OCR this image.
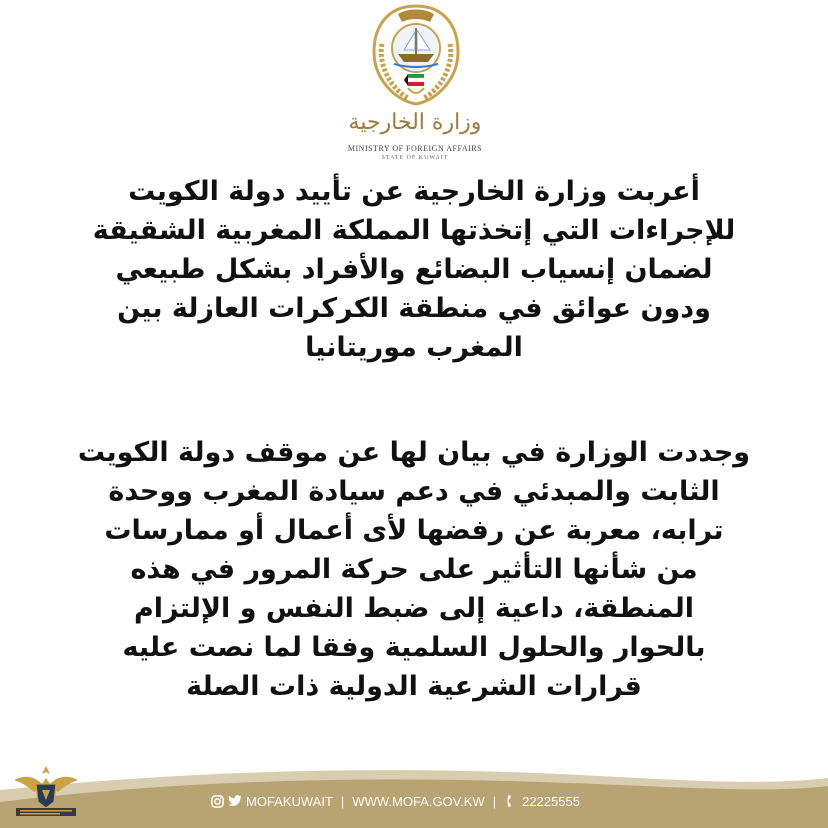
وزارة الخارجية
MINISTRY OF FOREIGN AFFAIRS
STATE OF KUWAIT
أعربت وزارة الخارجية عن تأييد دولة الكويت
للإجراءات التي إتخذتها المملكة المغربية الشقيقة
لضمان إنسياب البضائع والأفراد بشكل طبيعي
ودون عوائق في منطقة الكركرات العازلة بين
المغرب موريتانيا
وجددت الوزارة في بيان لها عن موقف دولة الكويت
الثابت والمبدئي في دعم سيادة المغرب ووحدة
ترابه، معربة عن رفضها لأى أعمال أو ممارسات
من شأنها التأثير على حركة المرور في هذه
المنطقة، داعية إلى ضبط النفس و الإلتزام
بالحوار والحلول السلمية وفقا لما نصت عليه
قرارات الشرعية الدولية ذات الصلة
MOFAKUWAIT | WWW.MOFA.GOV.KW | 22225555
